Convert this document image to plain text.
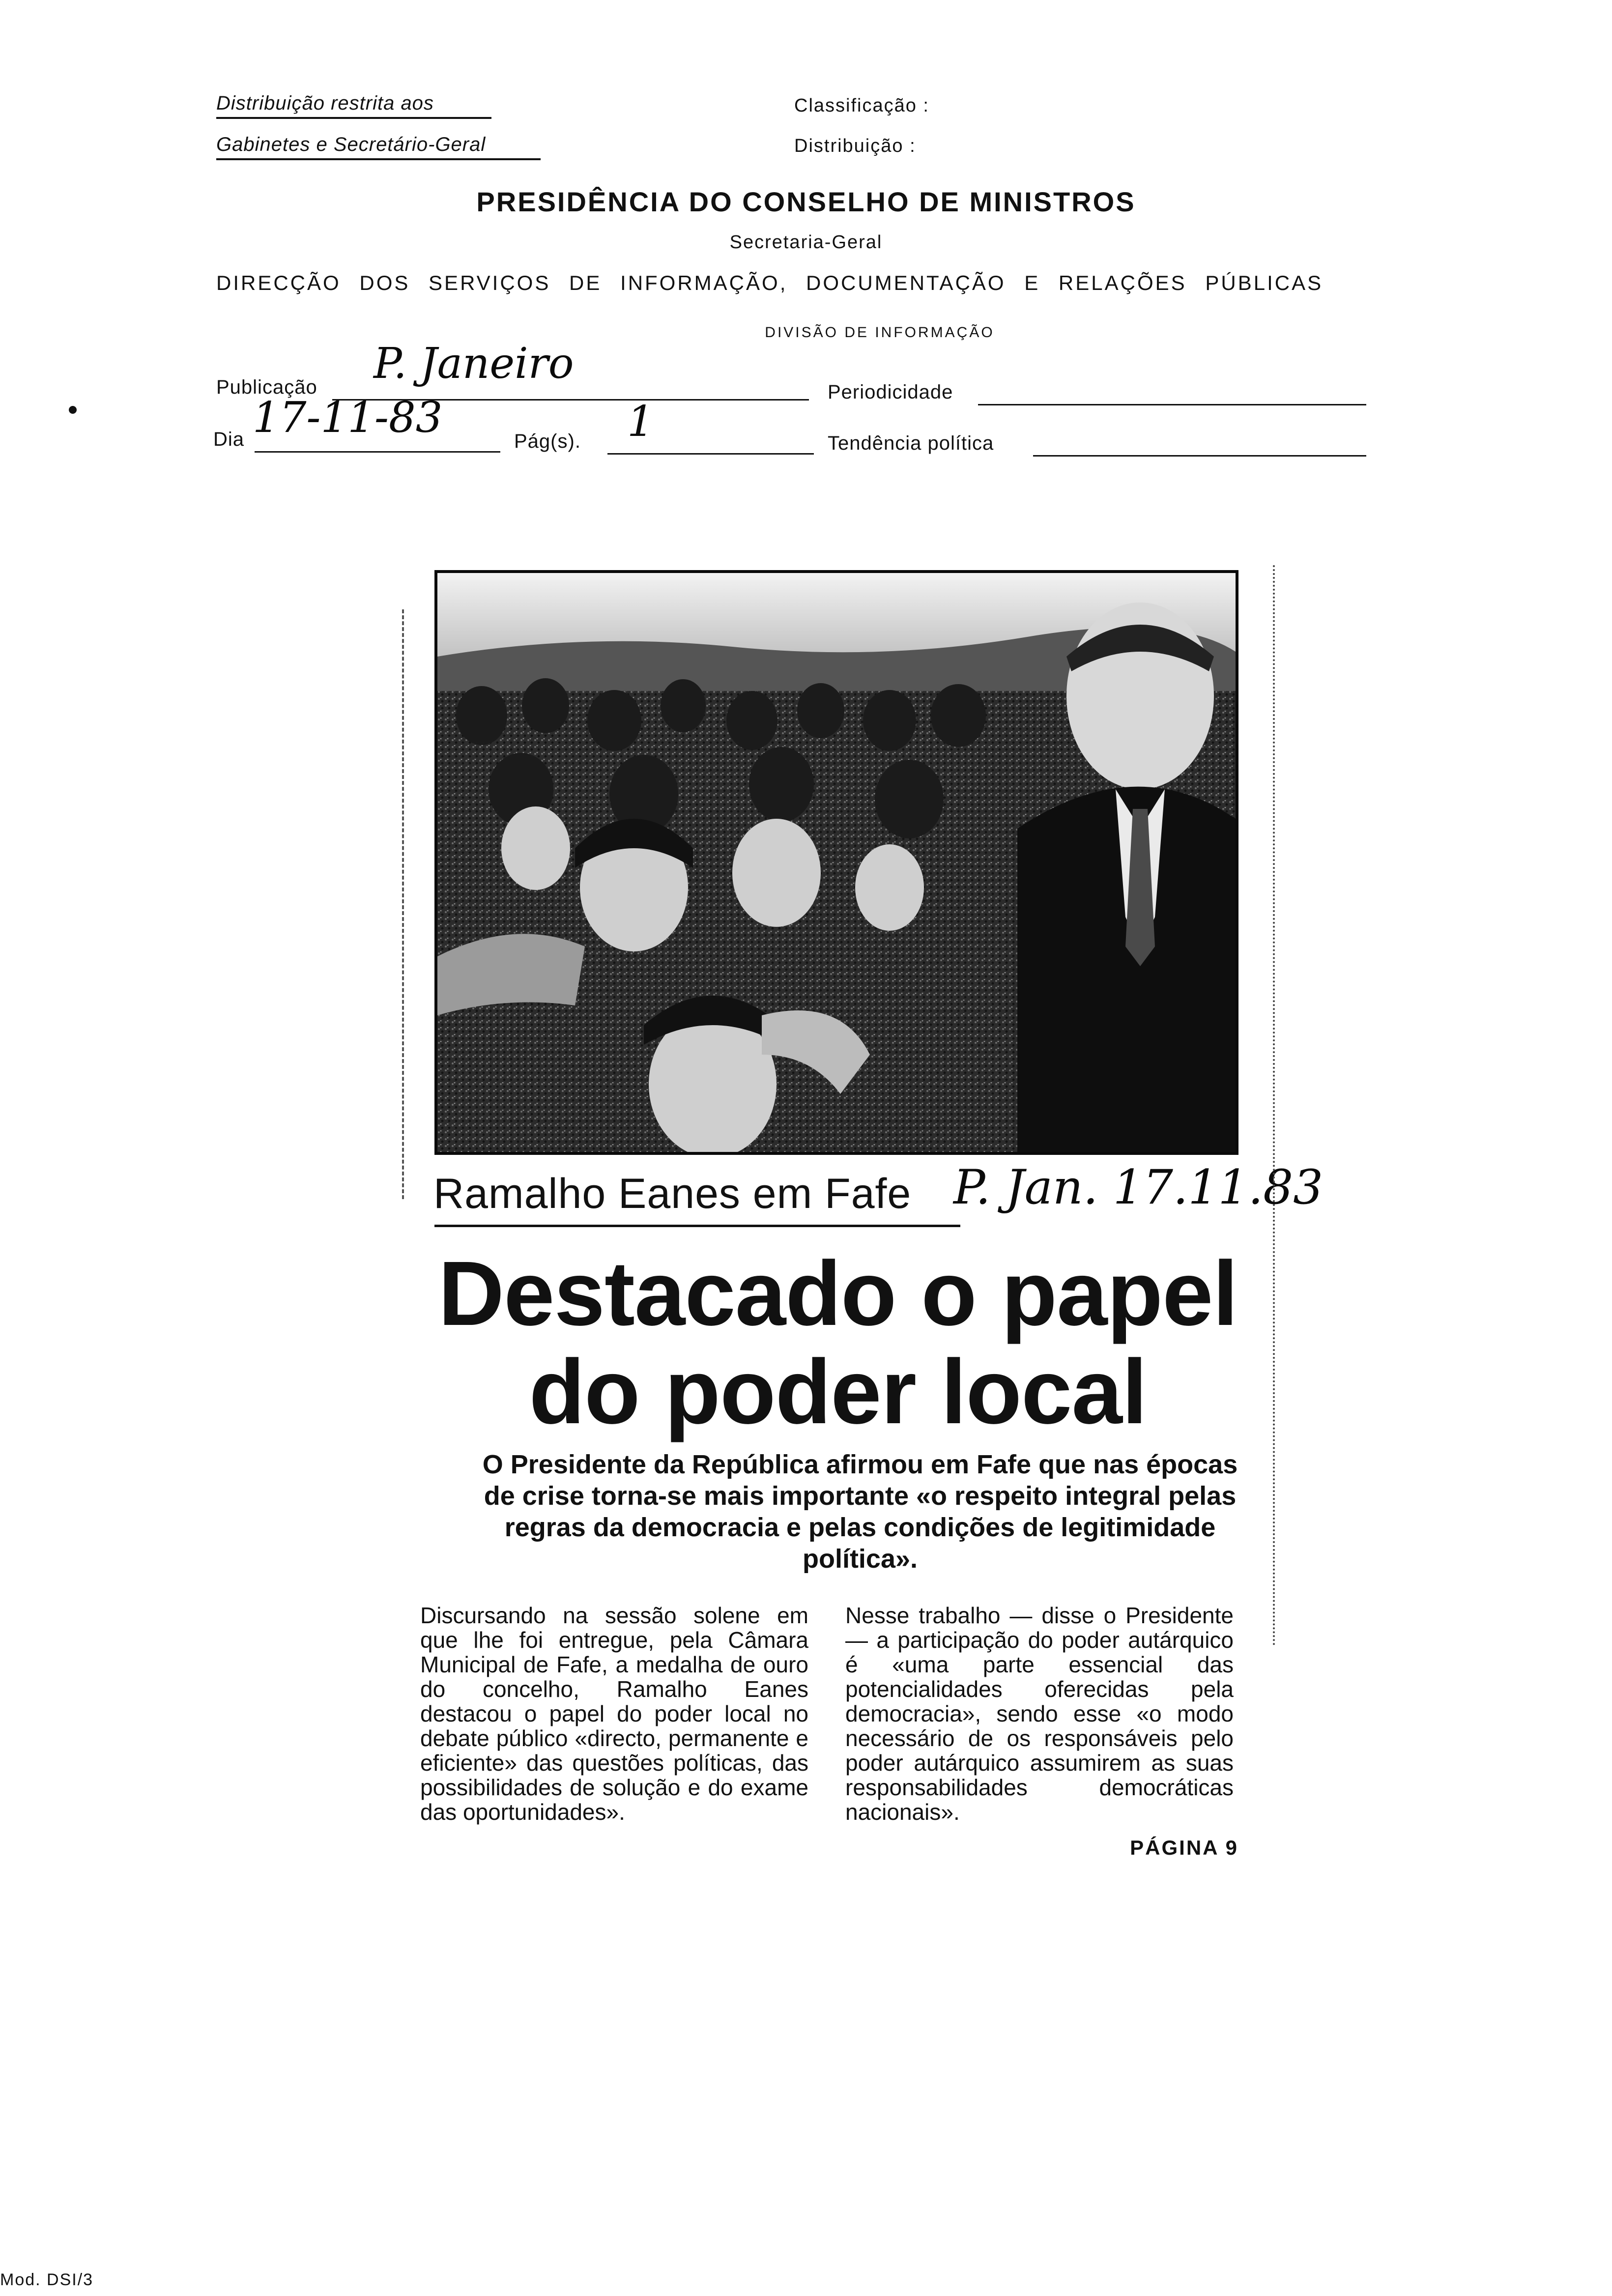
Distribuição restrita aos
Gabinetes e Secretário-Geral
Classificação :
Distribuição :
PRESIDÊNCIA DO CONSELHO DE MINISTROS
Secretaria-Geral
DIRECÇÃO DOS SERVIÇOS DE INFORMAÇÃO, DOCUMENTAÇÃO E RELAÇÕES PÚBLICAS
DIVISÃO DE INFORMAÇÃO
Publicação P. Janeiro
Periodicidade
Dia 17-11-83	Pág(s). 1	Tendência política
Ramalho Eanes em Fafe P. Jan. 17.11.83
Destacado o papel
do poder local
O Presidente da República afirmou em Fafe que nas épocas de crise torna-se mais importante «o respeito integral pelas regras da democracia e pelas condições de legitimidade política».
Discursando na sessão solene em que lhe foi entregue, pela Câmara Municipal de Fafe, a medalha de ouro do concelho, Ramalho Eanes destacou o papel do poder local no debate público «directo, permanente e eficiente» das questões políticas, das possibilidades de solução e do exame das oportunidades».
Nesse trabalho — disse o Presidente — a participação do poder autárquico é «uma parte essencial das potencialidades oferecidas pela democracia», sendo esse «o modo necessário de os responsáveis pelo poder autárquico assumirem as suas responsabilidades democráticas nacionais».
PÁGINA 9
Mod. DSI/3
